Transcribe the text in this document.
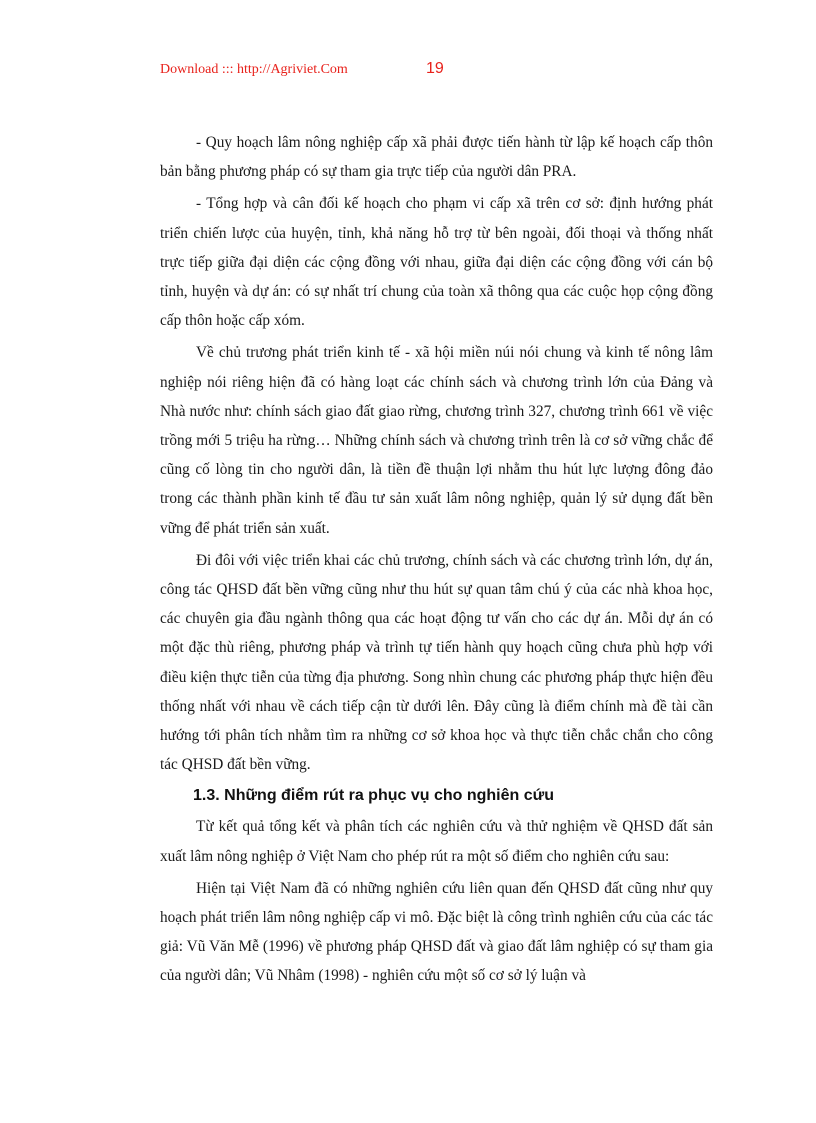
Download ::: http://Agriviet.Com	19

- Quy hoạch lâm nông nghiệp cấp xã phải được tiến hành từ lập kế hoạch cấp thôn bản bằng phương pháp có sự tham gia trực tiếp của người dân PRA.

- Tổng hợp và cân đối kế hoạch cho phạm vi cấp xã trên cơ sở: định hướng phát triển chiến lược của huyện, tỉnh, khả năng hỗ trợ từ bên ngoài, đối thoại và thống nhất trực tiếp giữa đại diện các cộng đồng với nhau, giữa đại diện các cộng đồng với cán bộ tỉnh, huyện và dự án: có sự nhất trí chung của toàn xã thông qua các cuộc họp cộng đồng cấp thôn hoặc cấp xóm.

Về chủ trương phát triển kinh tế - xã hội miền núi nói chung và kinh tế nông lâm nghiệp nói riêng hiện đã có hàng loạt các chính sách và chương trình lớn của Đảng và Nhà nước như: chính sách giao đất giao rừng, chương trình 327, chương trình 661 về việc trồng mới 5 triệu ha rừng… Những chính sách và chương trình trên là cơ sở vững chắc để cũng cố lòng tin cho người dân, là tiền đề thuận lợi nhằm thu hút lực lượng đông đảo trong các thành phần kinh tế đầu tư sản xuất lâm nông nghiệp, quản lý sử dụng đất bền vững để phát triển sản xuất.

Đi đôi với việc triển khai các chủ trương, chính sách và các chương trình lớn, dự án, công tác QHSD đất bền vững cũng như thu hút sự quan tâm chú ý của các nhà khoa học, các chuyên gia đầu ngành thông qua các hoạt động tư vấn cho các dự án. Mỗi dự án có một đặc thù riêng, phương pháp và trình tự tiến hành quy hoạch cũng chưa phù hợp với điều kiện thực tiễn của từng địa phương. Song nhìn chung các phương pháp thực hiện đều thống nhất với nhau về cách tiếp cận từ dưới lên. Đây cũng là điểm chính mà đề tài cần hướng tới phân tích nhằm tìm ra những cơ sở khoa học và thực tiễn chắc chắn cho công tác QHSD đất bền vững.

1.3. Những điểm rút ra phục vụ cho nghiên cứu

Từ kết quả tổng kết và phân tích các nghiên cứu và thử nghiệm về QHSD đất sản xuất lâm nông nghiệp ở Việt Nam cho phép rút ra một số điểm cho nghiên cứu sau:

Hiện tại Việt Nam đã có những nghiên cứu liên quan đến QHSD đất cũng như quy hoạch phát triển lâm nông nghiệp cấp vi mô. Đặc biệt là công trình nghiên cứu của các tác giả: Vũ Văn Mễ (1996) về phương pháp QHSD đất và giao đất lâm nghiệp có sự tham gia của người dân; Vũ Nhâm (1998) - nghiên cứu một số cơ sở lý luận và
